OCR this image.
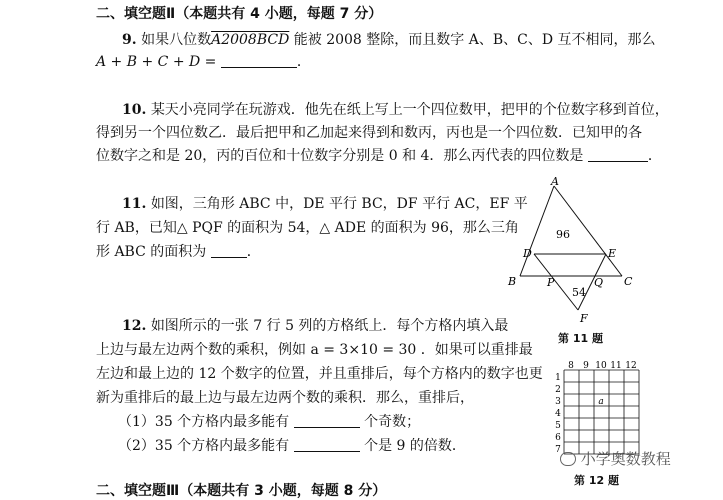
二、填空题Ⅱ（本题共有 4 小题，每题 7 分）
9. 如果八位数A2008BCD 能被 2008 整除，而且数字 A、B、C、D 互不相同，那么
A + B + C + D =	．
10. 某天小亮同学在玩游戏．他先在纸上写上一个四位数甲，把甲的个位数字移到首位，
得到另一个四位数乙．最后把甲和乙加起来得到和数丙，丙也是一个四位数．已知甲的各
位数字之和是 20，丙的百位和十位数字分别是 0 和 4．那么丙代表的四位数是	．
11. 如图，三角形 ABC 中，DE 平行 BC，DF 平行 AC，EF 平
行 AB，已知△ PQF 的面积为 54，△ ADE 的面积为 96，那么三角
形 ABC 的面积为	．
A
B	C
D	E
F
P	Q
96
54
第 11 题
12. 如图所示的一张 7 行 5 列的方格纸上．每个方格内填入最
上边与最左边两个数的乘积，例如 a = 3×10 = 30 ．如果可以重排最
左边和最上边的 12 个数字的位置，并且重排后，每个方格内的数字也更
新为重排后的最上边与最左边两个数的乘积．那么，重排后，
（1）35 个方格内最多能有	个奇数；
（2）35 个方格内最多能有	个是 9 的倍数．
8 9 10 11 12
1
2
3
4
5
6
7
a
第 12 题
小学奥数教程
二、填空题Ⅲ（本题共有 3 小题，每题 8 分）
